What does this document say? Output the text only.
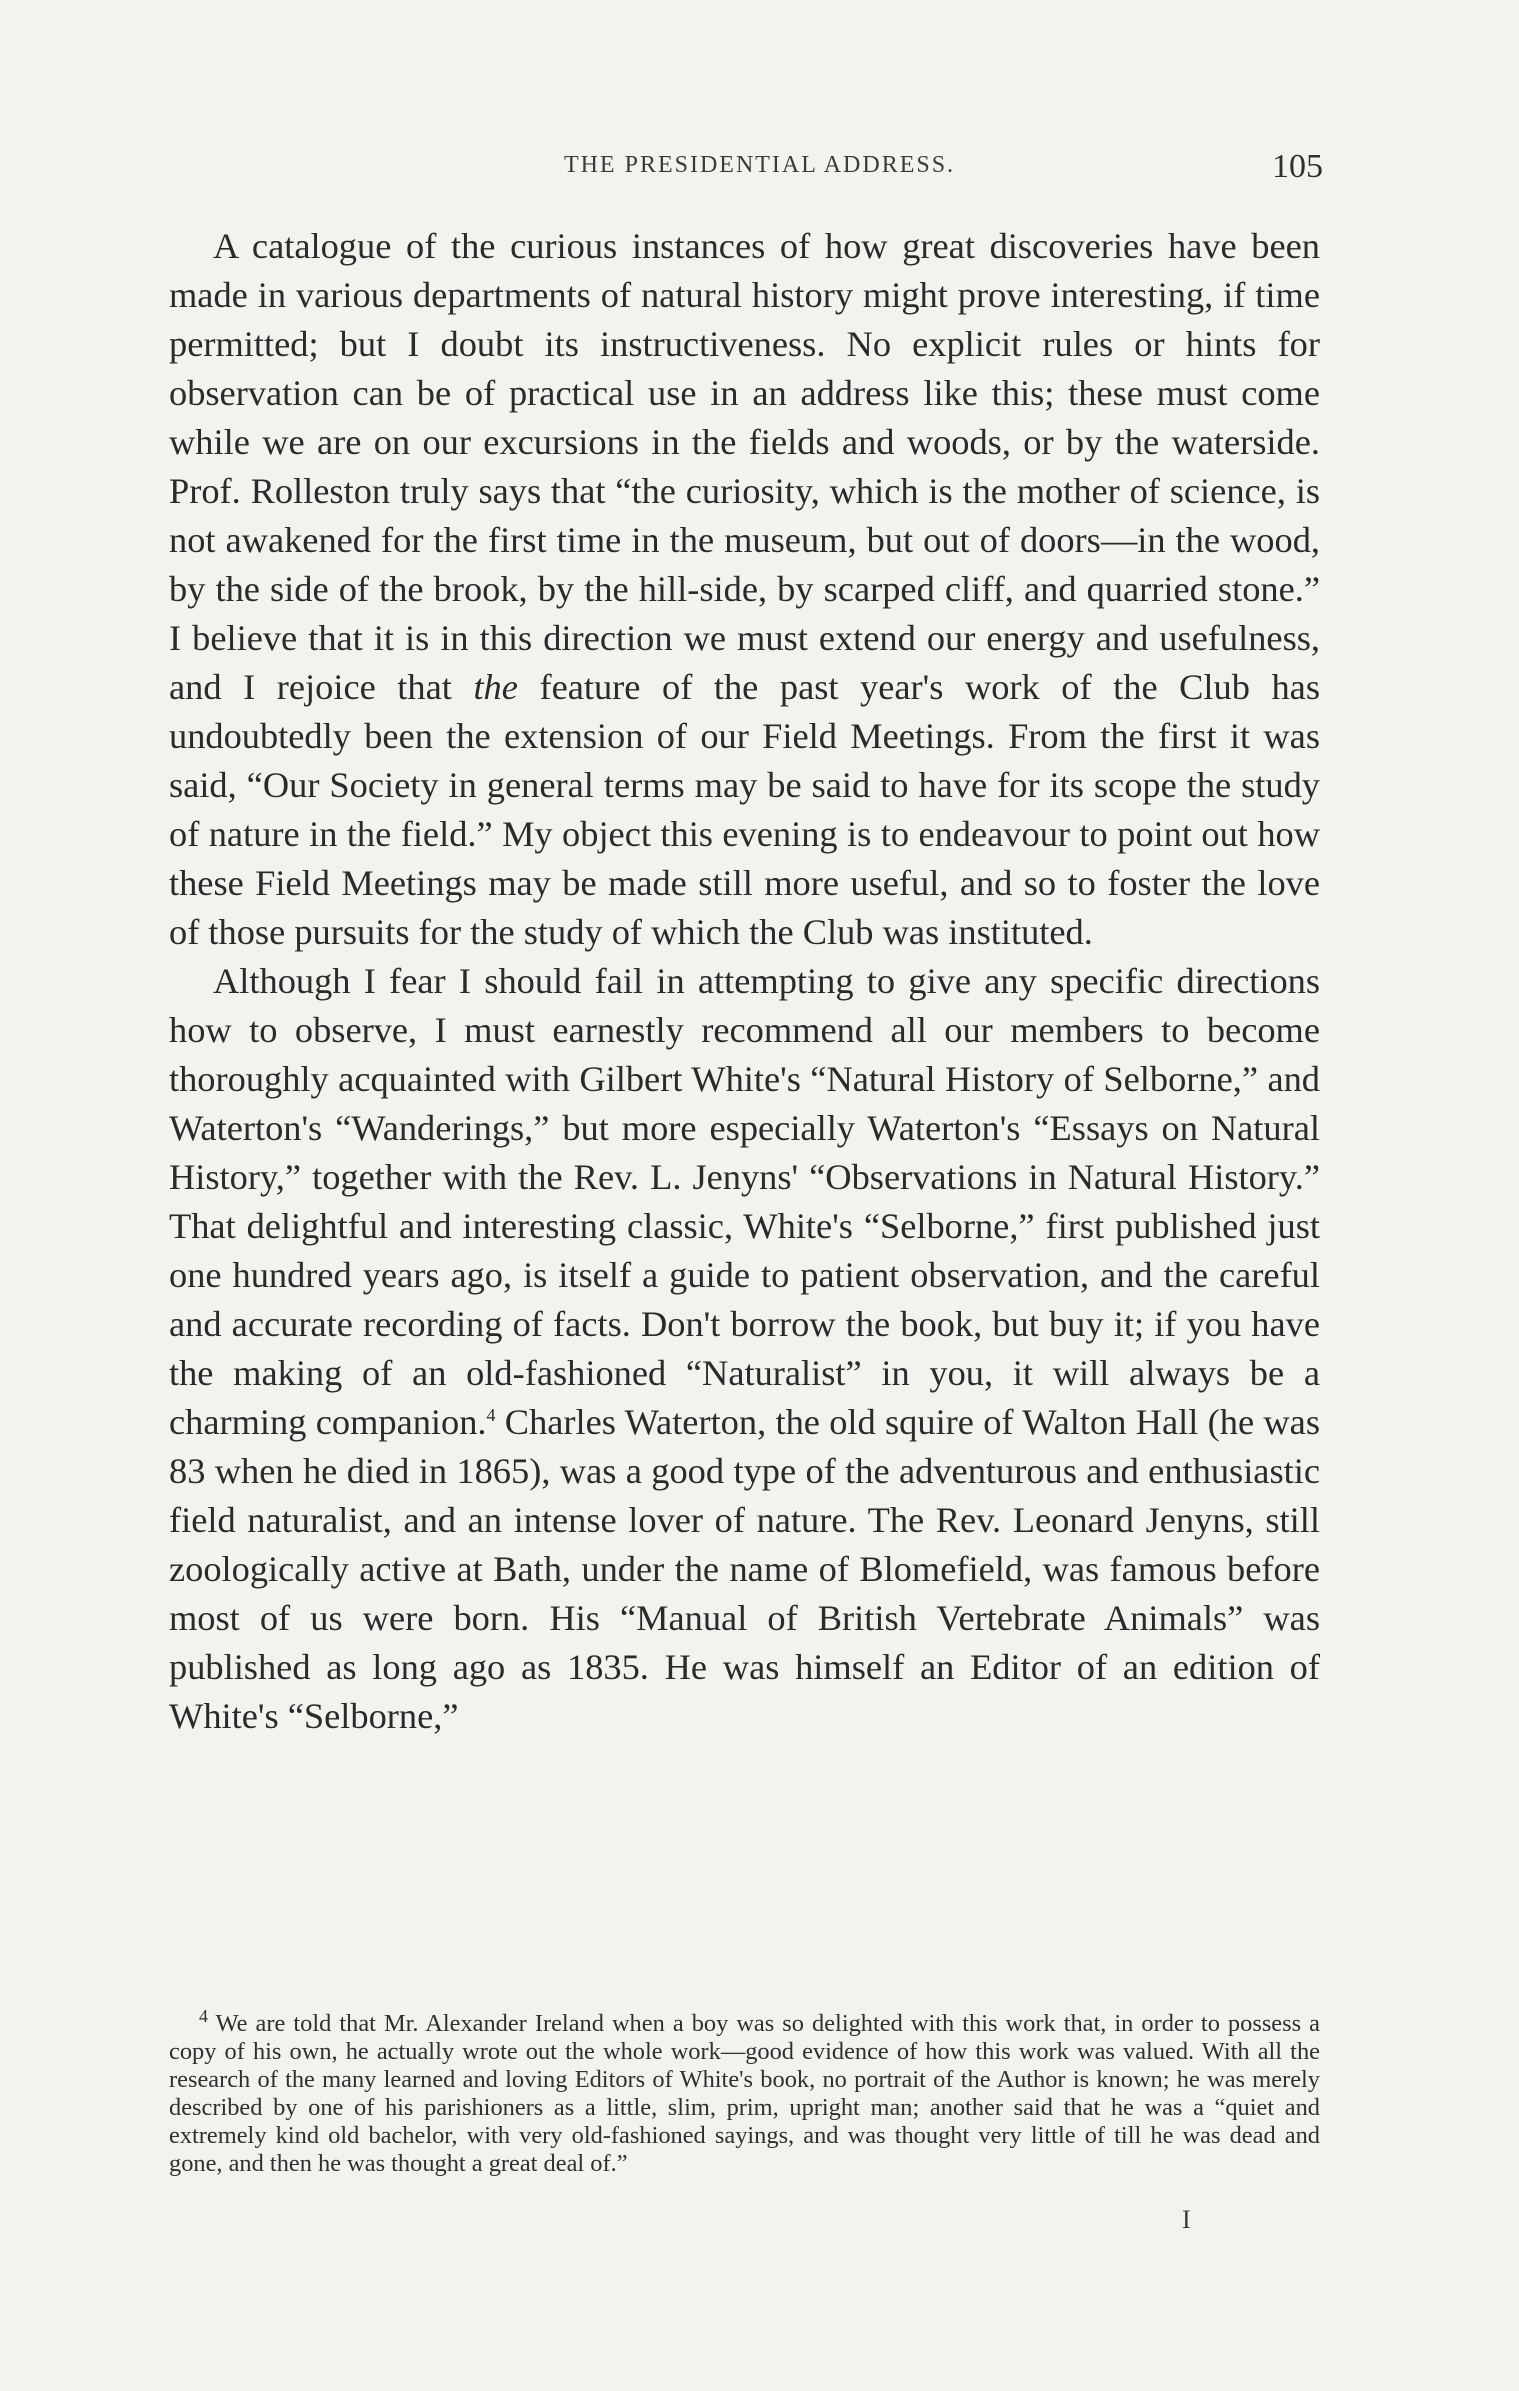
THE PRESIDENTIAL ADDRESS.	105

A catalogue of the curious instances of how great discoveries have been made in various departments of natural history might prove interesting, if time permitted; but I doubt its instructiveness. No explicit rules or hints for observation can be of practical use in an address like this; these must come while we are on our excursions in the fields and woods, or by the waterside. Prof. Rolleston truly says that “the curiosity, which is the mother of science, is not awakened for the first time in the museum, but out of doors—in the wood, by the side of the brook, by the hill-side, by scarped cliff, and quarried stone.” I believe that it is in this direction we must extend our energy and usefulness, and I rejoice that the feature of the past year's work of the Club has undoubtedly been the extension of our Field Meetings. From the first it was said, “Our Society in general terms may be said to have for its scope the study of nature in the field.” My object this evening is to endeavour to point out how these Field Meetings may be made still more useful, and so to foster the love of those pursuits for the study of which the Club was instituted.

Although I fear I should fail in attempting to give any specific directions how to observe, I must earnestly recommend all our members to become thoroughly acquainted with Gilbert White's “Natural History of Selborne,” and Waterton's “Wanderings,” but more especially Waterton's “Essays on Natural History,” together with the Rev. L. Jenyns' “Observations in Natural History.” That delightful and interesting classic, White's “Selborne,” first published just one hundred years ago, is itself a guide to patient observation, and the careful and accurate recording of facts. Don't borrow the book, but buy it; if you have the making of an old-fashioned “Naturalist” in you, it will always be a charming companion.$^4$ Charles Waterton, the old squire of Walton Hall (he was 83 when he died in 1865), was a good type of the adventurous and enthusiastic field naturalist, and an intense lover of nature. The Rev. Leonard Jenyns, still zoologically active at Bath, under the name of Blomefield, was famous before most of us were born. His “Manual of British Vertebrate Animals” was published as long ago as 1835. He was himself an Editor of an edition of White's “Selborne,”

$^4$ We are told that Mr. Alexander Ireland when a boy was so delighted with this work that, in order to possess a copy of his own, he actually wrote out the whole work—good evidence of how this work was valued. With all the research of the many learned and loving Editors of White's book, no portrait of the Author is known; he was merely described by one of his parishioners as a little, slim, prim, upright man; another said that he was a “quiet and extremely kind old bachelor, with very old-fashioned sayings, and was thought very little of till he was dead and gone, and then he was thought a great deal of.”

I
